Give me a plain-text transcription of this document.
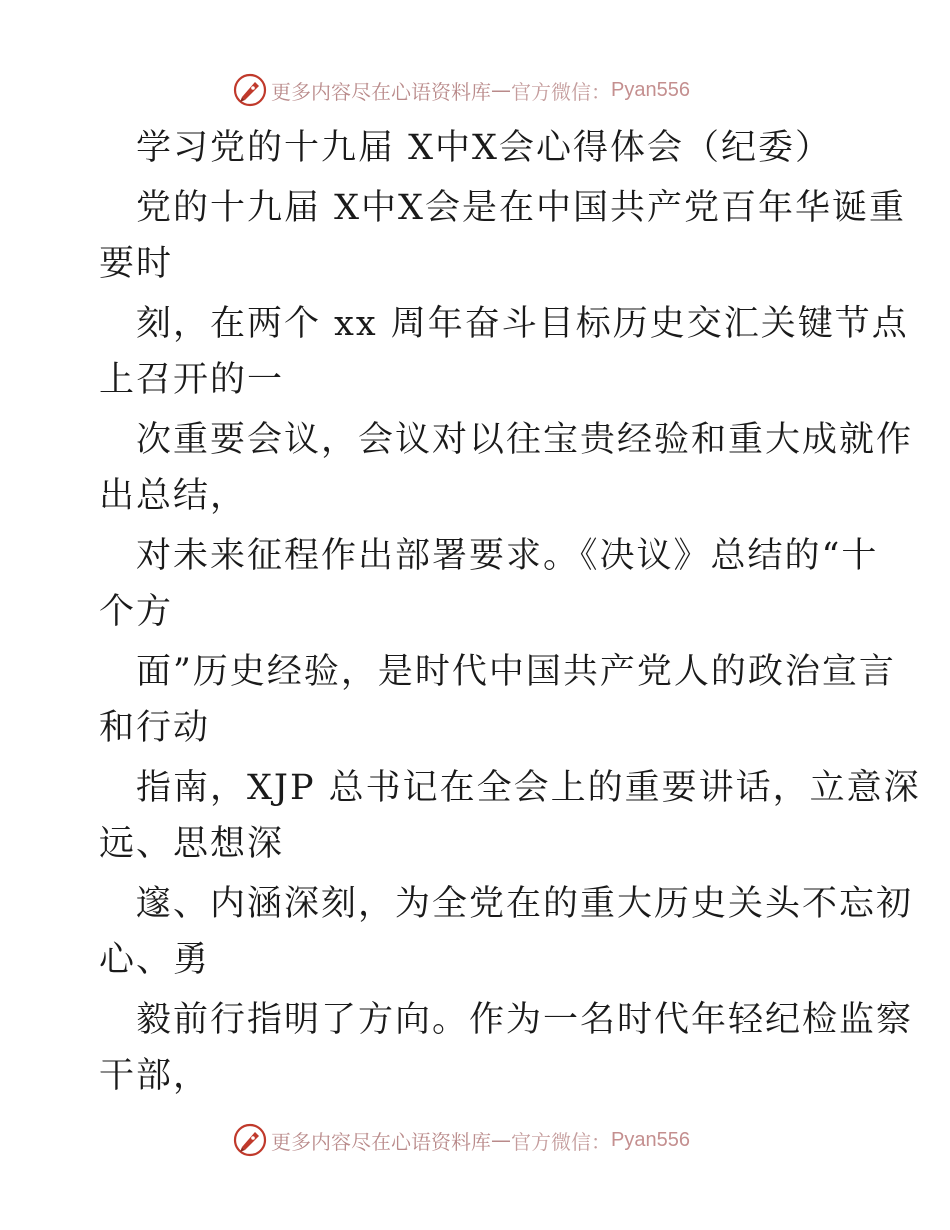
更多内容尽在心语资料库 — 官方微信： Pyan556
学习党的十九届 X中X会心得体会（纪委）
党的十九届 X中X会是在中国共产党百年华诞重
要时
刻，在两个 xx 周年奋斗目标历史交汇关键节点
上召开的一
次重要会议，会议对以往宝贵经验和重大成就作
出总结，
对未来征程作出部署要求。《决议》总结的“十
个方
面”历史经验，是时代中国共产党人的政治宣言
和行动
指南，XJP 总书记在全会上的重要讲话，立意深
远、思想深
邃、内涵深刻，为全党在的重大历史关头不忘初
心、勇
毅前行指明了方向。作为一名时代年轻纪检监察
干部，
更多内容尽在心语资料库 — 官方微信： Pyan556
